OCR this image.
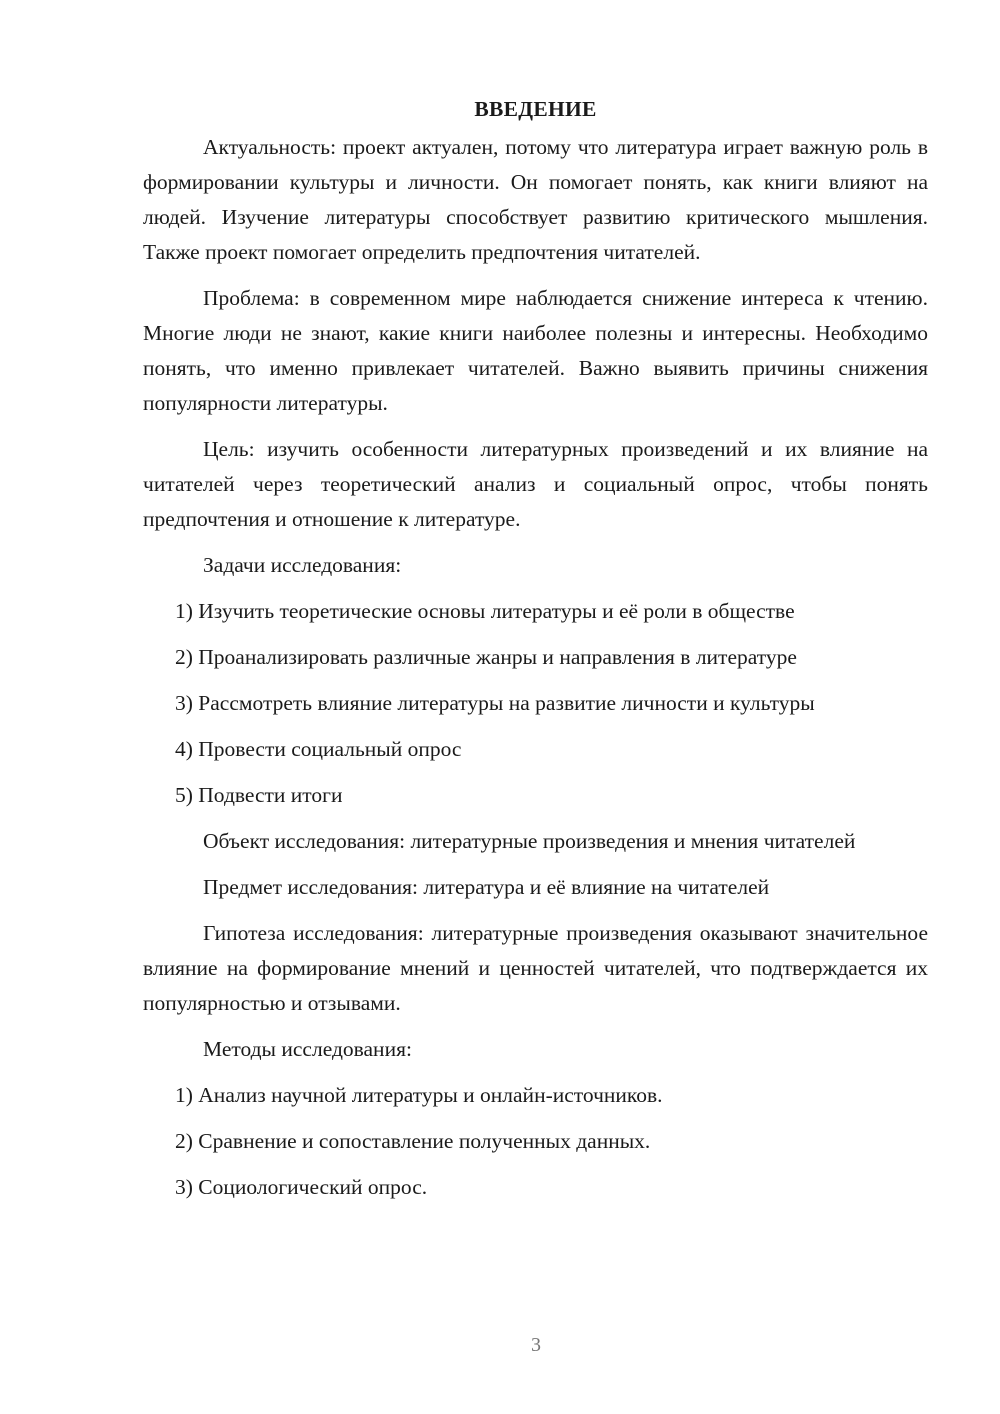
ВВЕДЕНИЕ

Актуальность: проект актуален, потому что литература играет важную роль в формировании культуры и личности. Он помогает понять, как книги влияют на людей. Изучение литературы способствует развитию критического мышления. Также проект помогает определить предпочтения читателей.

Проблема: в современном мире наблюдается снижение интереса к чтению. Многие люди не знают, какие книги наиболее полезны и интересны. Необходимо понять, что именно привлекает читателей. Важно выявить причины снижения популярности литературы.

Цель: изучить особенности литературных произведений и их влияние на читателей через теоретический анализ и социальный опрос, чтобы понять предпочтения и отношение к литературе.

Задачи исследования:

1) Изучить теоретические основы литературы и её роли в обществе

2) Проанализировать различные жанры и направления в литературе

3) Рассмотреть влияние литературы на развитие личности и культуры

4) Провести социальный опрос

5) Подвести итоги

Объект исследования: литературные произведения и мнения читателей

Предмет исследования: литература и её влияние на читателей

Гипотеза исследования: литературные произведения оказывают значительное влияние на формирование мнений и ценностей читателей, что подтверждается их популярностью и отзывами.

Методы исследования:

1) Анализ научной литературы и онлайн-источников.

2) Сравнение и сопоставление полученных данных.

3) Социологический опрос.

3
